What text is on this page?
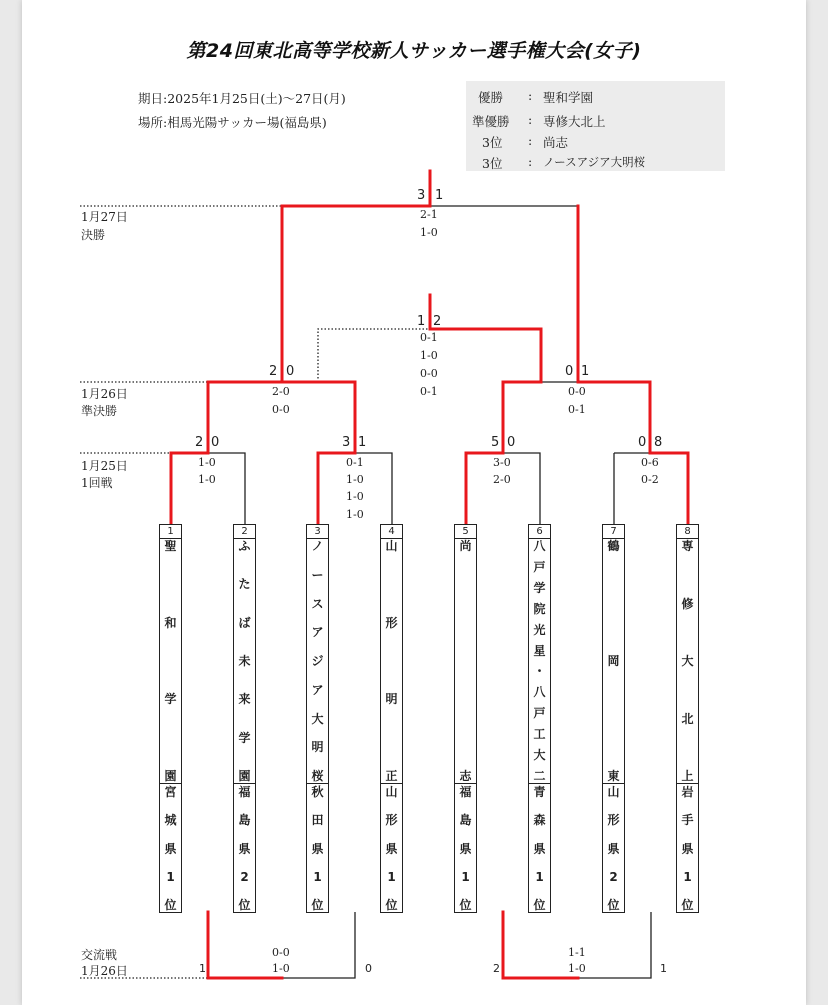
第24回東北高等学校新人サッカー選手権大会(女子)
期日:2025年1月25日(土)〜27日(月)
場所:相馬光陽サッカー場(福島県)
優勝 : 聖和学園
準優勝 : 専修大北上
3位 : 尚志
3位 : ノースアジア大明桜
1月27日
決勝
1月26日
準決勝
1月25日
1回戦
交流戦
1月26日
3 1
2-1
1-0
1 2
0-1
1-0
0-0
0-1
2 0
2-0
0-0
0 1
0-0
0-1
2 0
1-0
1-0
3 1
0-1
1-0
1-0
1-0
5 0
3-0
2-0
0 8
0-6
0-2
1	0
0-0
1-0	2	1
1-1
1-0
1
聖
和
学
園
宮
城
県
1
位
2
ふ
た
ば
未
来
学
園
福
島
県
2
位
3
ノ
ー
ス
ア
ジ
ア
大
明
桜
秋
田
県
1
位
4
山
形
明
正
山
形
県
1
位
5
尚
志
福
島
県
1
位
6
八
戸
学
院
光
星
・
八
戸
工
大
二
青
森
県
1
位
7
鶴
岡
東
山
形
県
2
位
8
専
修
大
北
上
岩
手
県
1
位
